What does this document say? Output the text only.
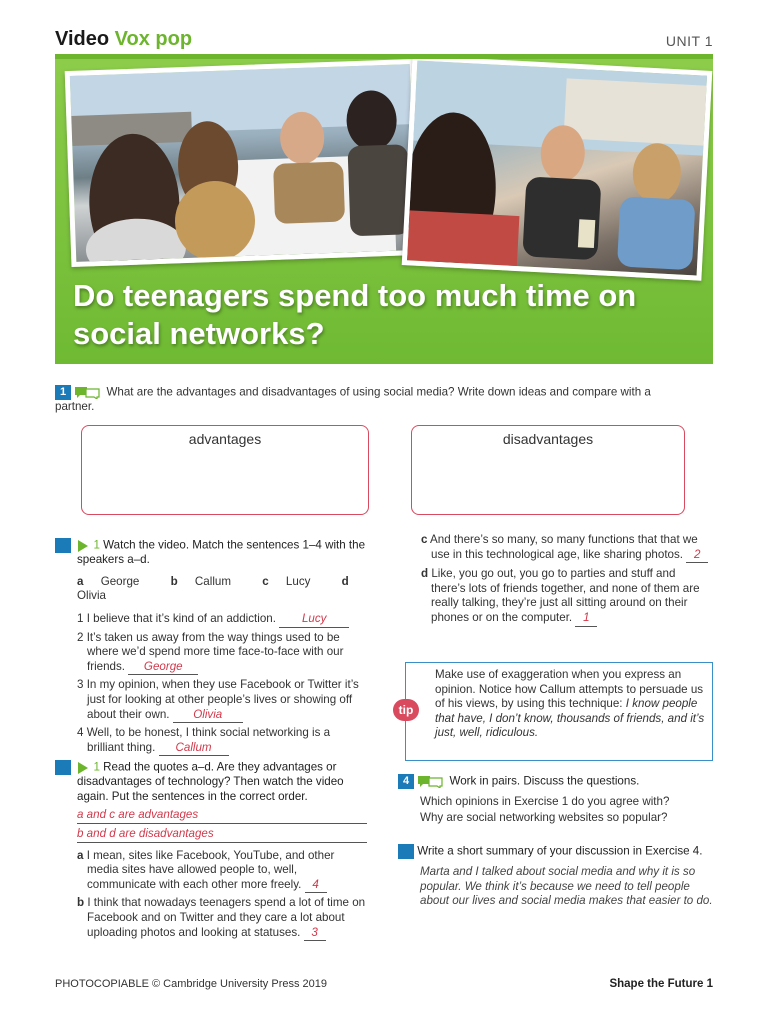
Video Vox pop	UNIT 1
Do teenagers spend too much time on social networks?
1	What are the advantages and disadvantages of using social media? Write down ideas and compare with a partner.
advantages	disadvantages
2	1 Watch the video. Match the sentences 1–4 with the speakers a–d.
a George	b Callum	c Lucy	d Olivia
1 I believe that it’s kind of an addiction. Lucy
2 It’s taken us away from the way things used to be where we’d spend more time face-to-face with our friends. George
3 In my opinion, when they use Facebook or Twitter it’s just for looking at other people’s lives or showing off about their own. Olivia
4 Well, to be honest, I think social networking is a brilliant thing. Callum
3	1 Read the quotes a–d. Are they advantages or disadvantages of technology? Then watch the video again. Put the sentences in the correct order.
a and c are advantages
b and d are disadvantages
a I mean, sites like Facebook, YouTube, and other media sites have allowed people to, well, communicate with each other more freely. 4
b I think that nowadays teenagers spend a lot of time on Facebook and on Twitter and they care a lot about uploading photos and looking at statuses. 3
c And there’s so many, so many functions that that we use in this technological age, like sharing photos. 2
d Like, you go out, you go to parties and stuff and there’s lots of friends together, and none of them are really talking, they’re just all sitting around on their phones or on the computer. 1
tip
Make use of exaggeration when you express an opinion. Notice how Callum attempts to persuade us of his views, by using this technique: I know people that have, I don’t know, thousands of friends, and it’s just, well, ridiculous.
4	Work in pairs. Discuss the questions.
Which opinions in Exercise 1 do you agree with?
Why are social networking websites so popular?
5 Write a short summary of your discussion in Exercise 4.
Marta and I talked about social media and why it is so popular. We think it’s because we need to tell people about our lives and social media makes that easier to do.
PHOTOCOPIABLE © Cambridge University Press 2019	Shape the Future 1
